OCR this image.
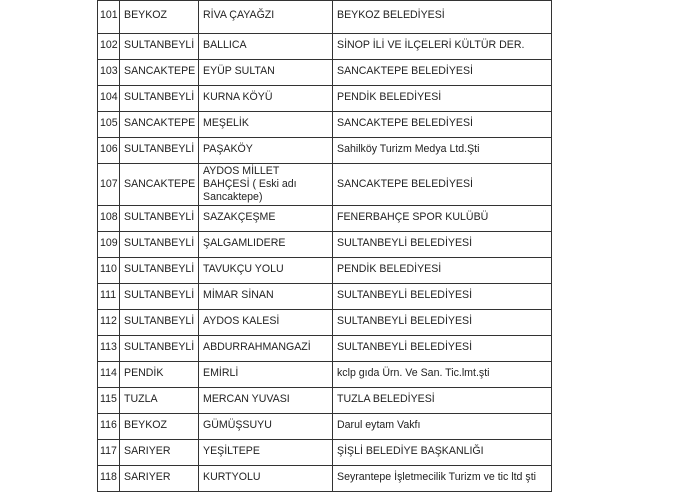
101	BEYKOZ	RİVA ÇAYAĞZI	BEYKOZ BELEDİYESİ
102	SULTANBEYLİ	BALLICA	SİNOP İLİ VE İLÇELERİ KÜLTÜR DER.
103	SANCAKTEPE	EYÜP SULTAN	SANCAKTEPE BELEDİYESİ
104	SULTANBEYLİ	KURNA KÖYÜ	PENDİK BELEDİYESİ
105	SANCAKTEPE	MEŞELİK	SANCAKTEPE BELEDİYESİ
106	SULTANBEYLİ	PAŞAKÖY	Sahilköy Turizm Medya Ltd.Şti
107	SANCAKTEPE	AYDOS MİLLET BAHÇESİ ( Eski adı Sancaktepe)	SANCAKTEPE BELEDİYESİ
108	SULTANBEYLİ	SAZAKÇEŞME	FENERBAHÇE SPOR KULÜBÜ
109	SULTANBEYLİ	ŞALGAMLIDERE	SULTANBEYLİ BELEDİYESİ
110	SULTANBEYLİ	TAVUKÇU YOLU	PENDİK BELEDİYESİ
111	SULTANBEYLİ	MİMAR SİNAN	SULTANBEYLİ BELEDİYESİ
112	SULTANBEYLİ	AYDOS KALESİ	SULTANBEYLİ BELEDİYESİ
113	SULTANBEYLİ	ABDURRAHMANGAZİ	SULTANBEYLİ BELEDİYESİ
114	PENDİK	EMİRLİ	kclp gıda Ürn. Ve San. Tic.lmt.şti
115	TUZLA	MERCAN YUVASI	TUZLA BELEDİYESİ
116	BEYKOZ	GÜMÜŞSUYU	Darul eytam Vakfı
117	SARIYER	YEŞİLTEPE	ŞİŞLİ BELEDİYE BAŞKANLIĞI
118	SARIYER	KURTYOLU	Seyrantepe İşletmecilik Turizm ve tic ltd şti
